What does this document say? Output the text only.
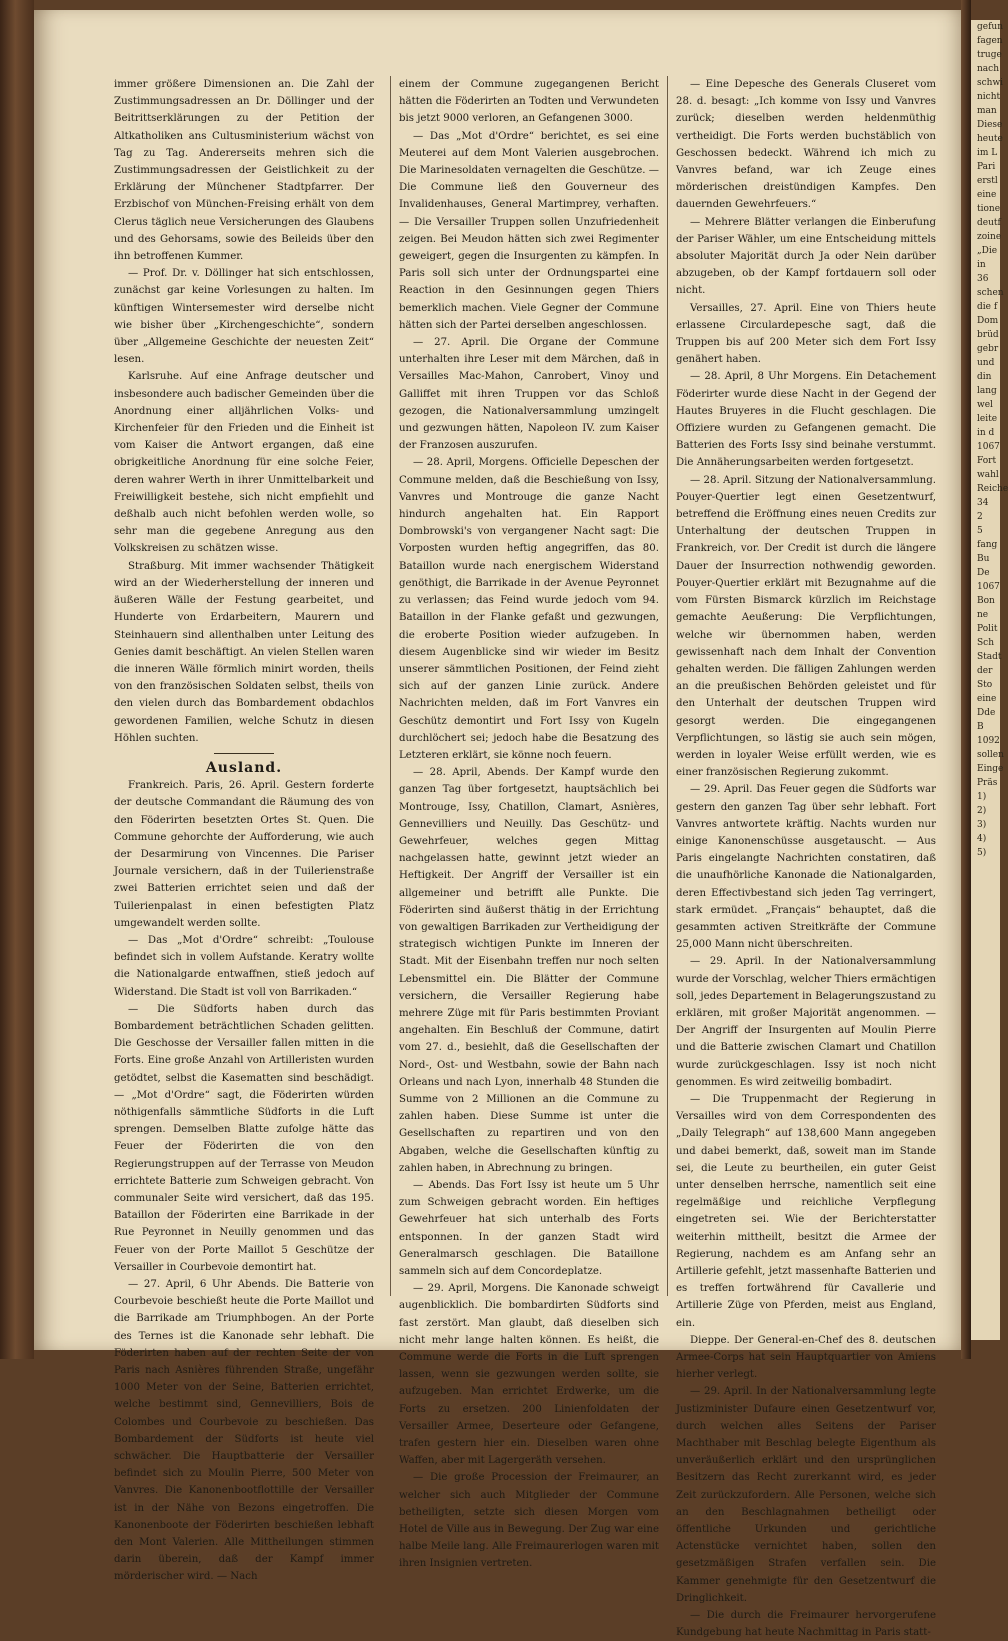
immer größere Dimensionen an. Die Zahl der Zustimmungsadressen an Dr. Döllinger und der Beitrittserklärungen zu der Petition der Altkatholiken ans Cultusministerium wächst von Tag zu Tag. Andererseits mehren sich die Zustimmungsadressen der Geistlichkeit zu der Erklärung der Münchener Stadtpfarrer. Der Erzbischof von München-Freising erhält von dem Clerus täglich neue Versicherungen des Glaubens und des Gehorsams, sowie des Beileids über den ihn betroffenen Kummer.

— Prof. Dr. v. Döllinger hat sich entschlossen, zunächst gar keine Vorlesungen zu halten. Im künftigen Wintersemester wird derselbe nicht wie bisher über „Kirchengeschichte“, sondern über „Allgemeine Geschichte der neuesten Zeit“ lesen.

Karlsruhe. Auf eine Anfrage deutscher und insbesondere auch badischer Gemeinden über die Anordnung einer alljährlichen Volks- und Kirchenfeier für den Frieden und die Einheit ist vom Kaiser die Antwort ergangen, daß eine obrigkeitliche Anordnung für eine solche Feier, deren wahrer Werth in ihrer Unmittelbarkeit und Freiwilligkeit bestehe, sich nicht empfiehlt und deßhalb auch nicht befohlen werden wolle, so sehr man die gegebene Anregung aus den Volkskreisen zu schätzen wisse.

Straßburg. Mit immer wachsender Thätigkeit wird an der Wiederherstellung der inneren und äußeren Wälle der Festung gearbeitet, und Hunderte von Erdarbeitern, Maurern und Steinhauern sind allenthalben unter Leitung des Genies damit beschäftigt. An vielen Stellen waren die inneren Wälle förmlich minirt worden, theils von den französischen Soldaten selbst, theils von den vielen durch das Bombardement obdachlos gewordenen Familien, welche Schutz in diesen Höhlen suchten.

Ausland.

Frankreich. Paris, 26. April. Gestern forderte der deutsche Commandant die Räumung des von den Föderirten besetzten Ortes St. Quen. Die Commune gehorchte der Aufforderung, wie auch der Desarmirung von Vincennes. Die Pariser Journale versichern, daß in der Tuilerienstraße zwei Batterien errichtet seien und daß der Tuilerienpalast in einen befestigten Platz umgewandelt werden sollte.

— Das „Mot d'Ordre“ schreibt: „Toulouse befindet sich in vollem Aufstande. Keratry wollte die Nationalgarde entwaffnen, stieß jedoch auf Widerstand. Die Stadt ist voll von Barrikaden.“

— Die Südforts haben durch das Bombardement beträchtlichen Schaden gelitten. Die Geschosse der Versailler fallen mitten in die Forts. Eine große Anzahl von Artilleristen wurden getödtet, selbst die Kasematten sind beschädigt. — „Mot d'Ordre“ sagt, die Föderirten würden nöthigenfalls sämmtliche Südforts in die Luft sprengen. Demselben Blatte zufolge hätte das Feuer der Föderirten die von den Regierungstruppen auf der Terrasse von Meudon errichtete Batterie zum Schweigen gebracht. Von communaler Seite wird versichert, daß das 195. Bataillon der Föderirten eine Barrikade in der Rue Peyronnet in Neuilly genommen und das Feuer von der Porte Maillot 5 Geschütze der Versailler in Courbevoie demontirt hat.

— 27. April, 6 Uhr Abends. Die Batterie von Courbevoie beschießt heute die Porte Maillot und die Barrikade am Triumphbogen. An der Porte des Ternes ist die Kanonade sehr lebhaft. Die Föderirten haben auf der rechten Seite der von Paris nach Asnières führenden Straße, ungefähr 1000 Meter von der Seine, Batterien errichtet, welche bestimmt sind, Gennevilliers, Bois de Colombes und Courbevoie zu beschießen. Das Bombardement der Südforts ist heute viel schwächer. Die Hauptbatterie der Versailler befindet sich zu Moulin Pierre, 500 Meter von Vanvres. Die Kanonenbootflottille der Versailler ist in der Nähe von Bezons eingetroffen. Die Kanonenboote der Föderirten beschießen lebhaft den Mont Valerien. Alle Mittheilungen stimmen darin überein, daß der Kampf immer mörderischer wird. — Nach

einem der Commune zugegangenen Bericht hätten die Föderirten an Todten und Verwundeten bis jetzt 9000 verloren, an Gefangenen 3000.

— Das „Mot d'Ordre“ berichtet, es sei eine Meuterei auf dem Mont Valerien ausgebrochen. Die Marinesoldaten vernagelten die Geschütze. — Die Commune ließ den Gouverneur des Invalidenhauses, General Martimprey, verhaften. — Die Versailler Truppen sollen Unzufriedenheit zeigen. Bei Meudon hätten sich zwei Regimenter geweigert, gegen die Insurgenten zu kämpfen. In Paris soll sich unter der Ordnungspartei eine Reaction in den Gesinnungen gegen Thiers bemerklich machen. Viele Gegner der Commune hätten sich der Partei derselben angeschlossen.

— 27. April. Die Organe der Commune unterhalten ihre Leser mit dem Märchen, daß in Versailles Mac-Mahon, Canrobert, Vinoy und Galliffet mit ihren Truppen vor das Schloß gezogen, die Nationalversammlung umzingelt und gezwungen hätten, Napoleon IV. zum Kaiser der Franzosen auszurufen.

— 28. April, Morgens. Officielle Depeschen der Commune melden, daß die Beschießung von Issy, Vanvres und Montrouge die ganze Nacht hindurch angehalten hat. Ein Rapport Dombrowski's von vergangener Nacht sagt: Die Vorposten wurden heftig angegriffen, das 80. Bataillon wurde nach energischem Widerstand genöthigt, die Barrikade in der Avenue Peyronnet zu verlassen; das Feind wurde jedoch vom 94. Bataillon in der Flanke gefaßt und gezwungen, die eroberte Position wieder aufzugeben. In diesem Augenblicke sind wir wieder im Besitz unserer sämmtlichen Positionen, der Feind zieht sich auf der ganzen Linie zurück. Andere Nachrichten melden, daß im Fort Vanvres ein Geschütz demontirt und Fort Issy von Kugeln durchlöchert sei; jedoch habe die Besatzung des Letzteren erklärt, sie könne noch feuern.

— 28. April, Abends. Der Kampf wurde den ganzen Tag über fortgesetzt, hauptsächlich bei Montrouge, Issy, Chatillon, Clamart, Asnières, Gennevilliers und Neuilly. Das Geschütz- und Gewehrfeuer, welches gegen Mittag nachgelassen hatte, gewinnt jetzt wieder an Heftigkeit. Der Angriff der Versailler ist ein allgemeiner und betrifft alle Punkte. Die Föderirten sind äußerst thätig in der Errichtung von gewaltigen Barrikaden zur Vertheidigung der strategisch wichtigen Punkte im Inneren der Stadt. Mit der Eisenbahn treffen nur noch selten Lebensmittel ein. Die Blätter der Commune versichern, die Versailler Regierung habe mehrere Züge mit für Paris bestimmten Proviant angehalten. Ein Beschluß der Commune, datirt vom 27. d., besiehlt, daß die Gesellschaften der Nord-, Ost- und Westbahn, sowie der Bahn nach Orleans und nach Lyon, innerhalb 48 Stunden die Summe von 2 Millionen an die Commune zu zahlen haben. Diese Summe ist unter die Gesellschaften zu repartiren und von den Abgaben, welche die Gesellschaften künftig zu zahlen haben, in Abrechnung zu bringen.

— Abends. Das Fort Issy ist heute um 5 Uhr zum Schweigen gebracht worden. Ein heftiges Gewehrfeuer hat sich unterhalb des Forts entsponnen. In der ganzen Stadt wird Generalmarsch geschlagen. Die Bataillone sammeln sich auf dem Concordeplatze.

— 29. April, Morgens. Die Kanonade schweigt augenblicklich. Die bombardirten Südforts sind fast zerstört. Man glaubt, daß dieselben sich nicht mehr lange halten können. Es heißt, die Commune werde die Forts in die Luft sprengen lassen, wenn sie gezwungen werden sollte, sie aufzugeben. Man errichtet Erdwerke, um die Forts zu ersetzen. 200 Linienfoldaten der Versailler Armee, Deserteure oder Gefangene, trafen gestern hier ein. Dieselben waren ohne Waffen, aber mit Lagergeräth versehen.

— Die große Procession der Freimaurer, an welcher sich auch Mitglieder der Commune betheiligten, setzte sich diesen Morgen vom Hotel de Ville aus in Bewegung. Der Zug war eine halbe Meile lang. Alle Freimaurerlogen waren mit ihren Insignien vertreten.

— Eine Depesche des Generals Cluseret vom 28. d. besagt: „Ich komme von Issy und Vanvres zurück; dieselben werden heldenmüthig vertheidigt. Die Forts werden buchstäblich von Geschossen bedeckt. Während ich mich zu Vanvres befand, war ich Zeuge eines mörderischen dreistündigen Kampfes. Den dauernden Gewehrfeuers.“

— Mehrere Blätter verlangen die Einberufung der Pariser Wähler, um eine Entscheidung mittels absoluter Majorität durch Ja oder Nein darüber abzugeben, ob der Kampf fortdauern soll oder nicht.

Versailles, 27. April. Eine von Thiers heute erlassene Circulardepesche sagt, daß die Truppen bis auf 200 Meter sich dem Fort Issy genähert haben.

— 28. April, 8 Uhr Morgens. Ein Detachement Föderirter wurde diese Nacht in der Gegend der Hautes Bruyeres in die Flucht geschlagen. Die Offiziere wurden zu Gefangenen gemacht. Die Batterien des Forts Issy sind beinahe verstummt. Die Annäherungsarbeiten werden fortgesetzt.

— 28. April. Sitzung der Nationalversammlung. Pouyer-Quertier legt einen Gesetzentwurf, betreffend die Eröffnung eines neuen Credits zur Unterhaltung der deutschen Truppen in Frankreich, vor. Der Credit ist durch die längere Dauer der Insurrection nothwendig geworden. Pouyer-Quertier erklärt mit Bezugnahme auf die vom Fürsten Bismarck kürzlich im Reichstage gemachte Aeußerung: Die Verpflichtungen, welche wir übernommen haben, werden gewissenhaft nach dem Inhalt der Convention gehalten werden. Die fälligen Zahlungen werden an die preußischen Behörden geleistet und für den Unterhalt der deutschen Truppen wird gesorgt werden. Die eingegangenen Verpflichtungen, so lästig sie auch sein mögen, werden in loyaler Weise erfüllt werden, wie es einer französischen Regierung zukommt.

— 29. April. Das Feuer gegen die Südforts war gestern den ganzen Tag über sehr lebhaft. Fort Vanvres antwortete kräftig. Nachts wurden nur einige Kanonenschüsse ausgetauscht. — Aus Paris eingelangte Nachrichten constatiren, daß die unaufhörliche Kanonade die Nationalgarden, deren Effectivbestand sich jeden Tag verringert, stark ermüdet. „Français“ behauptet, daß die gesammten activen Streitkräfte der Commune 25,000 Mann nicht überschreiten.

— 29. April. In der Nationalversammlung wurde der Vorschlag, welcher Thiers ermächtigen soll, jedes Departement in Belagerungszustand zu erklären, mit großer Majorität angenommen. — Der Angriff der Insurgenten auf Moulin Pierre und die Batterie zwischen Clamart und Chatillon wurde zurückgeschlagen. Issy ist noch nicht genommen. Es wird zeitweilig bombadirt.

— Die Truppenmacht der Regierung in Versailles wird von dem Correspondenten des „Daily Telegraph“ auf 138,600 Mann angegeben und dabei bemerkt, daß, soweit man im Stande sei, die Leute zu beurtheilen, ein guter Geist unter denselben herrsche, namentlich seit eine regelmäßige und reichliche Verpflegung eingetreten sei. Wie der Berichterstatter weiterhin mittheilt, besitzt die Armee der Regierung, nachdem es am Anfang sehr an Artillerie gefehlt, jetzt massenhafte Batterien und es treffen fortwährend für Cavallerie und Artillerie Züge von Pferden, meist aus England, ein.

Dieppe. Der General-en-Chef des 8. deutschen Armee-Corps hat sein Hauptquartier von Amiens hierher verlegt.

— 29. April. In der Nationalversammlung legte Justizminister Dufaure einen Gesetzentwurf vor, durch welchen alles Seitens der Pariser Machthaber mit Beschlag belegte Eigenthum als unveräußerlich erklärt und den ursprünglichen Besitzern das Recht zurerkannt wird, es jeder Zeit zurückzufordern. Alle Personen, welche sich an den Beschlagnahmen betheiligt oder öffentliche Urkunden und gerichtliche Actenstücke vernichtet haben, sollen den gesetzmäßigen Strafen verfallen sein. Die Kammer genehmigte für den Gesetzentwurf die Dringlichkeit.

— Die durch die Freimaurer hervorgerufene Kundgebung hat heute Nachmittag in Paris statt-

gefun
fagen
truge
nach
schwi
nicht
man
Diese
heute
im L
Pari
erstl
eine
tione
deutf
zoine
„Die
in
36
schen
die f
Dom
brüd
gebr
und
din
lang
wel
leite
in d
1067
Fort
wahl
Reiche
34
2
5
fang
Bu
De
1067
Bon
ne
Polit
Sch
Stadt
der
Sto
eine
Dde
B
1092
sollen
Einge
Präs
1)
2)
3)
4)
5)
